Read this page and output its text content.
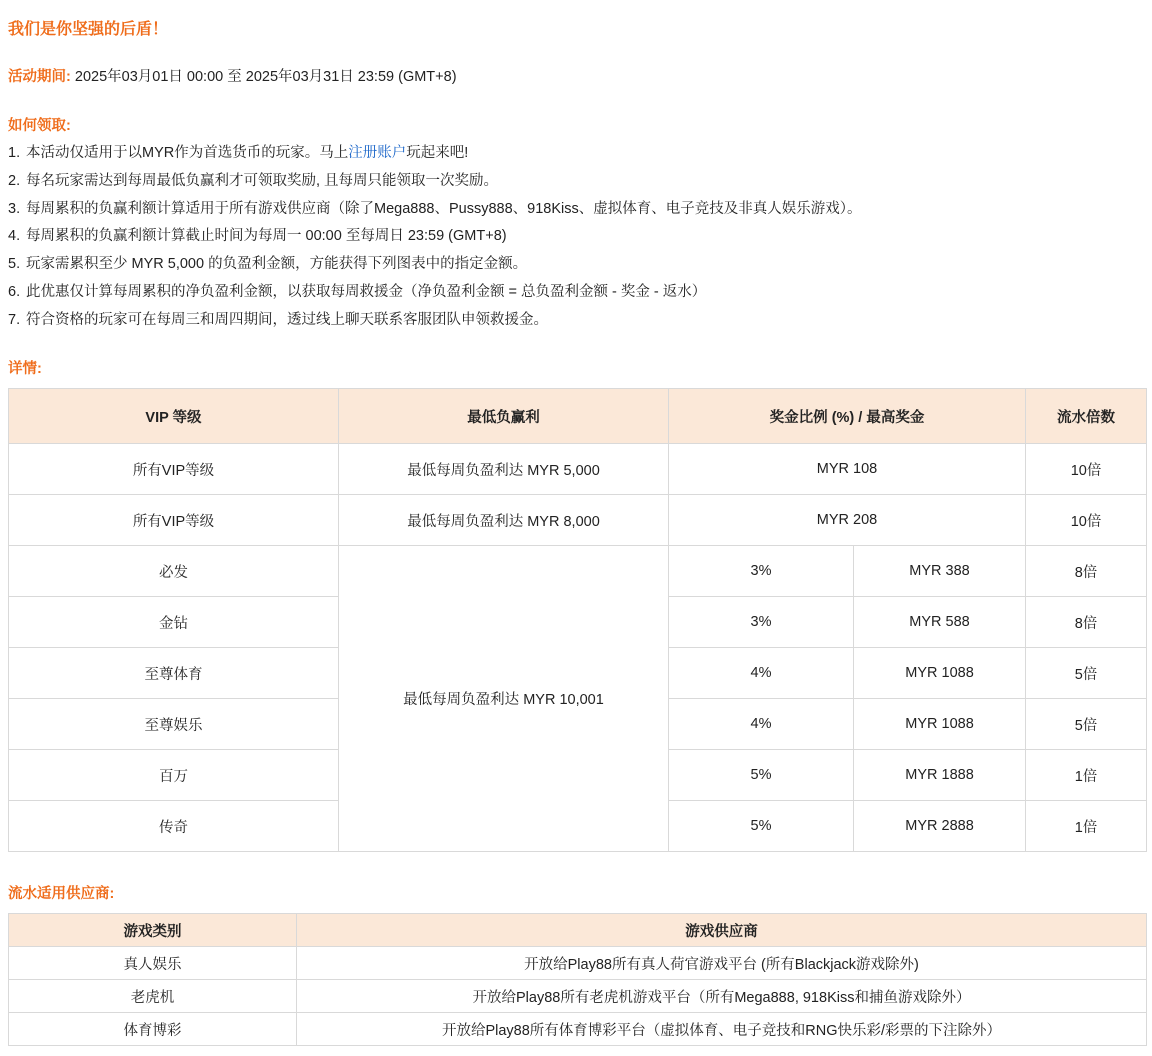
我们是你坚强的后盾！
活动期间: 2025年03月01日 00:00 至 2025年03月31日 23:59 (GMT+8)
如何领取:
1. 本活动仅适用于以MYR作为首选货币的玩家。马上注册账户玩起来吧!
2. 每名玩家需达到每周最低负赢利才可领取奖励, 且每周只能领取一次奖励。
3. 每周累积的负赢利额计算适用于所有游戏供应商（除了Mega888、Pussy888、918Kiss、虚拟体育、电子竞技及非真人娱乐游戏）。
4. 每周累积的负赢利额计算截止时间为每周一 00:00 至每周日 23:59 (GMT+8)
5. 玩家需累积至少 MYR 5,000 的负盈利金额，方能获得下列图表中的指定金额。
6. 此优惠仅计算每周累积的净负盈利金额，以获取每周救援金（净负盈利金额 = 总负盈利金额 - 奖金 - 返水）
7. 符合资格的玩家可在每周三和周四期间，透过线上聊天联系客服团队申领救援金。
详情:
VIP 等级	最低负赢利	奖金比例 (%) / 最高奖金		流水倍数
所有VIP等级	最低每周负盈利达 MYR 5,000	MYR 108		10倍
所有VIP等级	最低每周负盈利达 MYR 8,000	MYR 208		10倍
必发	最低每周负盈利达 MYR 10,001	3%	MYR 388	8倍
金钻		3%	MYR 588	8倍
至尊体育		4%	MYR 1088	5倍
至尊娱乐		4%	MYR 1088	5倍
百万		5%	MYR 1888	1倍
传奇		5%	MYR 2888	1倍
流水适用供应商:
游戏类别	游戏供应商
真人娱乐	开放给Play88所有真人荷官游戏平台 (所有Blackjack游戏除外)
老虎机	开放给Play88所有老虎机游戏平台（所有Mega888, 918Kiss和捕鱼游戏除外）
体育博彩	开放给Play88所有体育博彩平台（虚拟体育、电子竞技和RNG快乐彩/彩票的下注除外）
